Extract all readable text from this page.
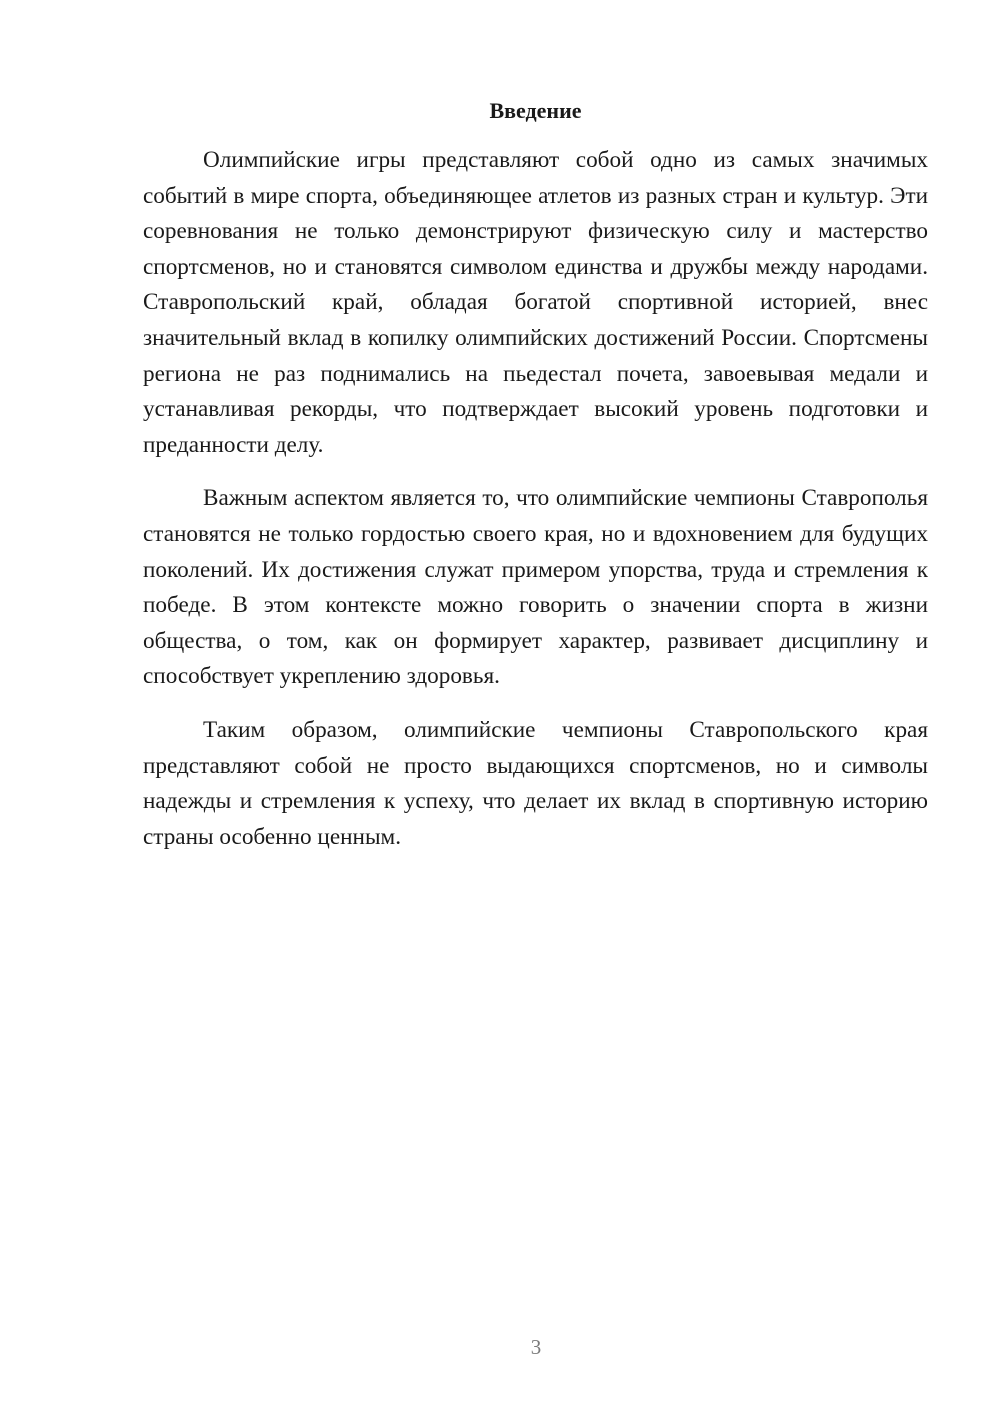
Введение

Олимпийские игры представляют собой одно из самых значимых событий в мире спорта, объединяющее атлетов из разных стран и культур. Эти соревнования не только демонстрируют физическую силу и мастерство спортсменов, но и становятся символом единства и дружбы между народами. Ставропольский край, обладая богатой спортивной историей, внес значительный вклад в копилку олимпийских достижений России. Спортсмены региона не раз поднимались на пьедестал почета, завоевывая медали и устанавливая рекорды, что подтверждает высокий уровень подготовки и преданности делу.

Важным аспектом является то, что олимпийские чемпионы Ставрополья становятся не только гордостью своего края, но и вдохновением для будущих поколений. Их достижения служат примером упорства, труда и стремления к победе. В этом контексте можно говорить о значении спорта в жизни общества, о том, как он формирует характер, развивает дисциплину и способствует укреплению здоровья.

Таким образом, олимпийские чемпионы Ставропольского края представляют собой не просто выдающихся спортсменов, но и символы надежды и стремления к успеху, что делает их вклад в спортивную историю страны особенно ценным.

3
